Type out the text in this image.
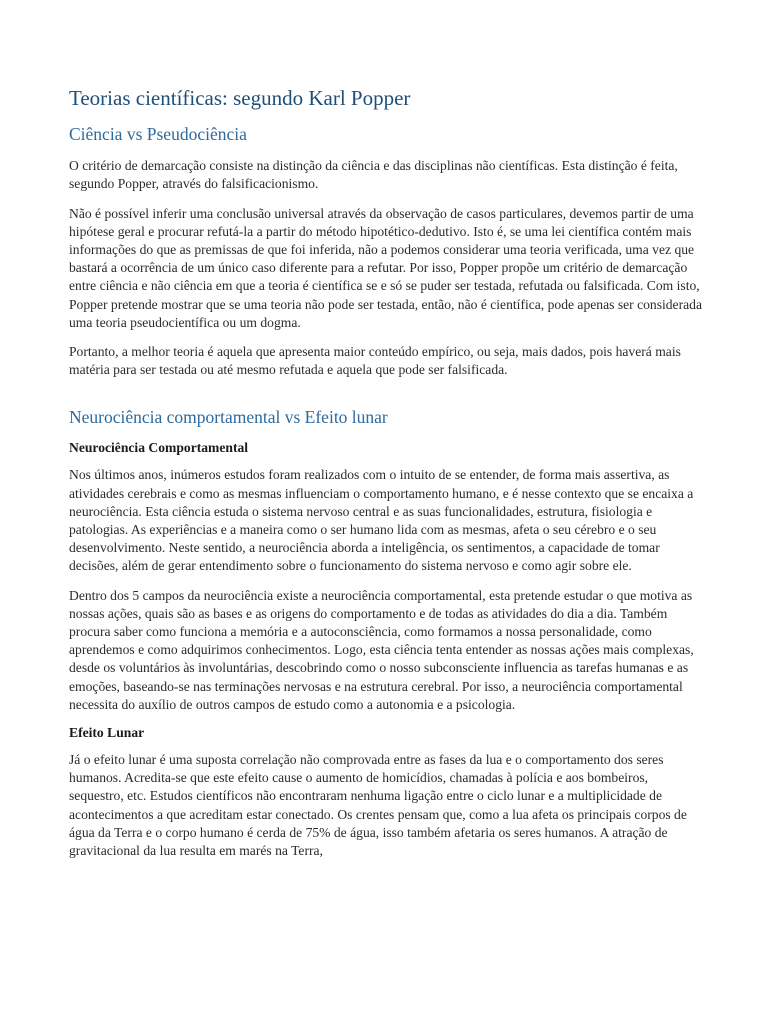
Teorias científicas: segundo Karl Popper
Ciência vs Pseudociência

O critério de demarcação consiste na distinção da ciência e das disciplinas não científicas. Esta distinção é feita, segundo Popper, através do falsificacionismo.

Não é possível inferir uma conclusão universal através da observação de casos particulares, devemos partir de uma hipótese geral e procurar refutá-la a partir do método hipotético-dedutivo. Isto é, se uma lei científica contém mais informações do que as premissas de que foi inferida, não a podemos considerar uma teoria verificada, uma vez que bastará a ocorrência de um único caso diferente para a refutar. Por isso, Popper propõe um critério de demarcação entre ciência e não ciência em que a teoria é científica se e só se puder ser testada, refutada ou falsificada. Com isto, Popper pretende mostrar que se uma teoria não pode ser testada, então, não é científica, pode apenas ser considerada uma teoria pseudocientífica ou um dogma.

Portanto, a melhor teoria é aquela que apresenta maior conteúdo empírico, ou seja, mais dados, pois haverá mais matéria para ser testada ou até mesmo refutada e aquela que pode ser falsificada.

Neurociência comportamental vs Efeito lunar
Neurociência Comportamental

Nos últimos anos, inúmeros estudos foram realizados com o intuito de se entender, de forma mais assertiva, as atividades cerebrais e como as mesmas influenciam o comportamento humano, e é nesse contexto que se encaixa a neurociência. Esta ciência estuda o sistema nervoso central e as suas funcionalidades, estrutura, fisiologia e patologias. As experiências e a maneira como o ser humano lida com as mesmas, afeta o seu cérebro e o seu desenvolvimento. Neste sentido, a neurociência aborda a inteligência, os sentimentos, a capacidade de tomar decisões, além de gerar entendimento sobre o funcionamento do sistema nervoso e como agir sobre ele.

Dentro dos 5 campos da neurociência existe a neurociência comportamental, esta pretende estudar o que motiva as nossas ações, quais são as bases e as origens do comportamento e de todas as atividades do dia a dia. Também procura saber como funciona a memória e a autoconsciência, como formamos a nossa personalidade, como aprendemos e como adquirimos conhecimentos. Logo, esta ciência tenta entender as nossas ações mais complexas, desde os voluntários às involuntárias, descobrindo como o nosso subconsciente influencia as tarefas humanas e as emoções, baseando-se nas terminações nervosas e na estrutura cerebral. Por isso, a neurociência comportamental necessita do auxílio de outros campos de estudo como a autonomia e a psicologia.

Efeito Lunar

Já o efeito lunar é uma suposta correlação não comprovada entre as fases da lua e o comportamento dos seres humanos. Acredita-se que este efeito cause o aumento de homicídios, chamadas à polícia e aos bombeiros, sequestro, etc. Estudos científicos não encontraram nenhuma ligação entre o ciclo lunar e a multiplicidade de acontecimentos a que acreditam estar conectado. Os crentes pensam que, como a lua afeta os principais corpos de água da Terra e o corpo humano é cerda de 75% de água, isso também afetaria os seres humanos. A atração de gravitacional da lua resulta em marés na Terra,
